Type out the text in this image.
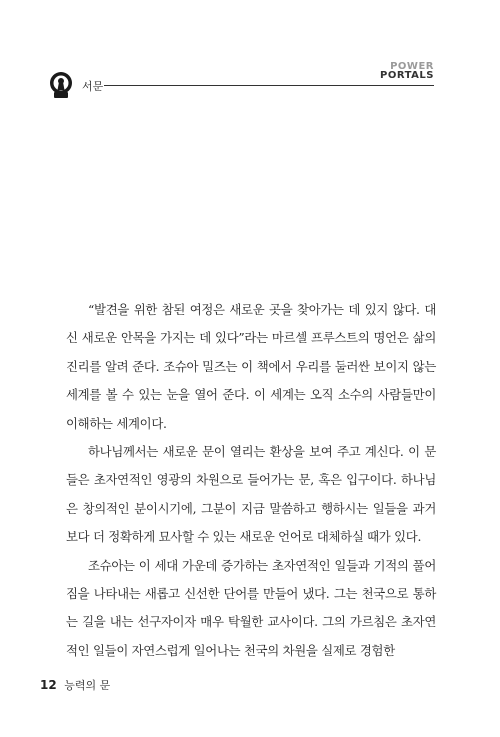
서문
POWER
PORTALS

“발견을 위한 참된 여정은 새로운 곳을 찾아가는 데 있지 않다. 대신 새로운 안목을 가지는 데 있다”라는 마르셀 프루스트의 명언은 삶의 진리를 알려 준다. 조슈아 밀즈는 이 책에서 우리를 둘러싼 보이지 않는 세계를 볼 수 있는 눈을 열어 준다. 이 세계는 오직 소수의 사람들만이 이해하는 세계이다.

하나님께서는 새로운 문이 열리는 환상을 보여 주고 계신다. 이 문들은 초자연적인 영광의 차원으로 들어가는 문, 혹은 입구이다. 하나님은 창의적인 분이시기에, 그분이 지금 말씀하고 행하시는 일들을 과거보다 더 정확하게 묘사할 수 있는 새로운 언어로 대체하실 때가 있다.

조슈아는 이 세대 가운데 증가하는 초자연적인 일들과 기적의 풀어짐을 나타내는 새롭고 신선한 단어를 만들어 냈다. 그는 천국으로 통하는 길을 내는 선구자이자 매우 탁월한 교사이다. 그의 가르침은 초자연적인 일들이 자연스럽게 일어나는 천국의 차원을 실제로 경험한

12 능력의 문
